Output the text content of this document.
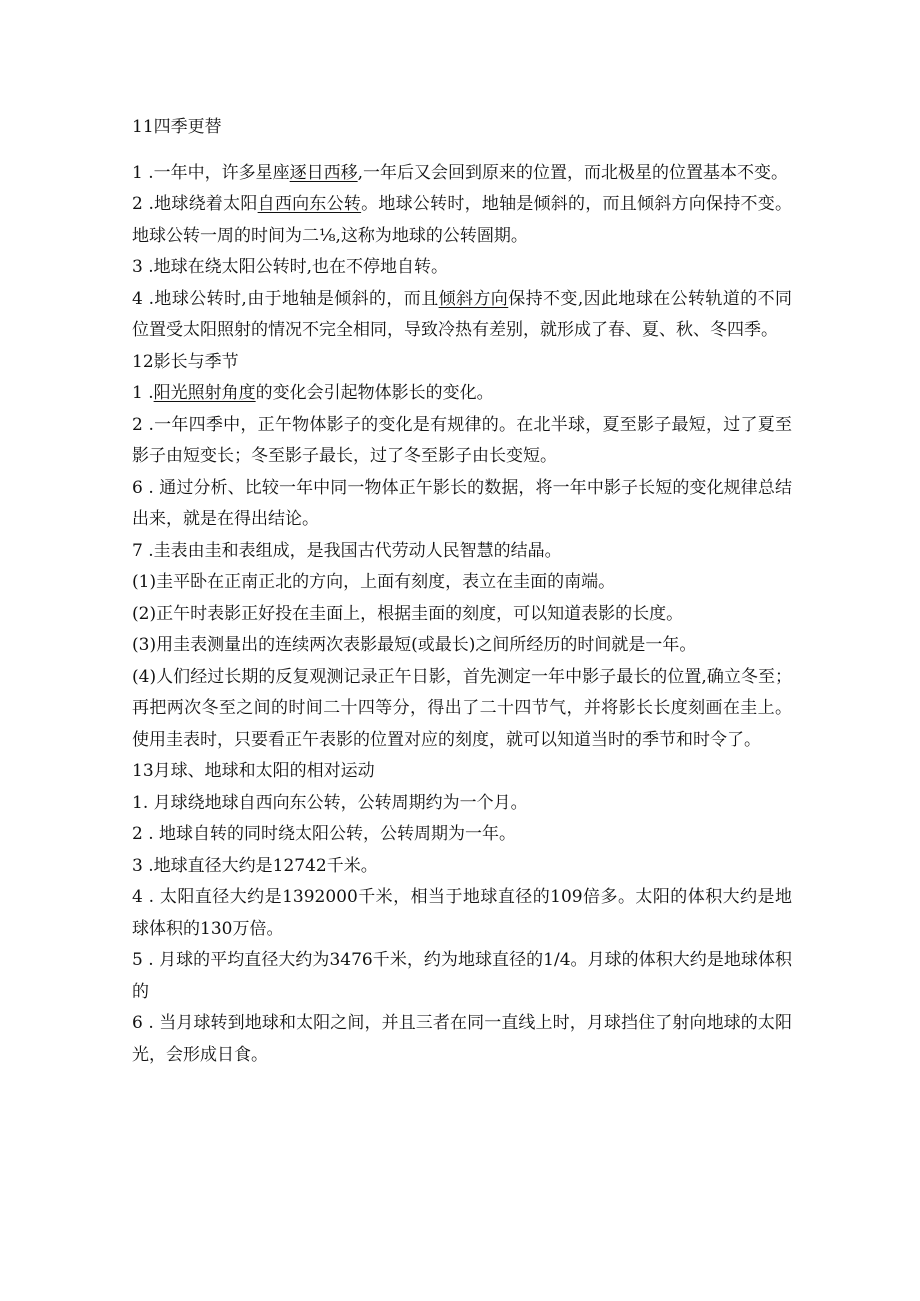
11四季更替

1 .一年中，许多星座逐日西移,一年后又会回到原来的位置，而北极星的位置基本不变。

2 .地球绕着太阳自西向东公转。地球公转时，地轴是倾斜的，而且倾斜方向保持不变。地球公转一周的时间为二⅛,这称为地球的公转圄期。

3 .地球在绕太阳公转时,也在不停地自转。

4 .地球公转时,由于地轴是倾斜的，而且倾斜方向保持不变,因此地球在公转轨道的不同位置受太阳照射的情况不完全相同，导致冷热有差别，就形成了春、夏、秋、冬四季。

12影长与季节

1 .阳光照射角度的变化会引起物体影长的变化。

2 .一年四季中，正午物体影子的变化是有规律的。在北半球，夏至影子最短，过了夏至影子由短变长；冬至影子最长，过了冬至影子由长变短。

6 . 通过分析、比较一年中同一物体正午影长的数据，将一年中影子长短的变化规律总结出来，就是在得出结论。

7 .圭表由圭和表组成，是我国古代劳动人民智慧的结晶。

(1)圭平卧在正南正北的方向，上面有刻度，表立在圭面的南端。

(2)正午时表影正好投在圭面上，根据圭面的刻度，可以知道表影的长度。

(3)用圭表测量出的连续两次表影最短(或最长)之间所经历的时间就是一年。

(4)人们经过长期的反复观测记录正午日影，首先测定一年中影子最长的位置,确立冬至；再把两次冬至之间的时间二十四等分，得出了二十四节气，并将影长长度刻画在圭上。使用圭表时，只要看正午表影的位置对应的刻度，就可以知道当时的季节和时令了。

13月球、地球和太阳的相对运动

1. 月球绕地球自西向东公转，公转周期约为一个月。

2 . 地球自转的同时绕太阳公转，公转周期为一年。

3 .地球直径大约是12742千米。

4 . 太阳直径大约是1392000千米，相当于地球直径的109倍多。太阳的体积大约是地球体积的130万倍。

5 . 月球的平均直径大约为3476千米，约为地球直径的1/4。月球的体积大约是地球体积的

6 . 当月球转到地球和太阳之间，并且三者在同一直线上时，月球挡住了射向地球的太阳光，会形成日食。
